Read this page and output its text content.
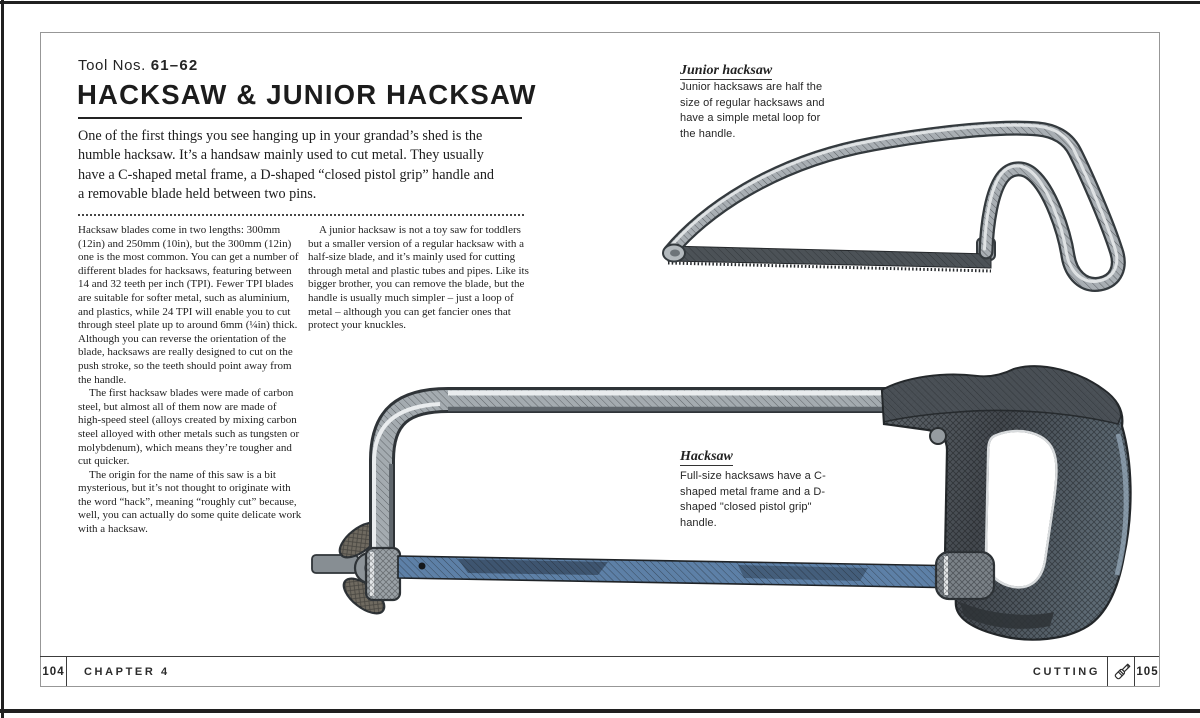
Tool Nos. 61–62
HACKSAW & JUNIOR HACKSAW
One of the first things you see hanging up in your grandad’s shed is the
humble hacksaw. It’s a handsaw mainly used to cut metal. They usually
have a C-shaped metal frame, a D-shaped “closed pistol grip” handle and
a removable blade held between two pins.

Hacksaw blades come in two lengths: 300mm (12in) and 250mm (10in), but the 300mm (12in) one is the most common. You can get a number of different blades for hacksaws, featuring between 14 and 32 teeth per inch (TPI). Fewer TPI blades are suitable for softer metal, such as aluminium, and plastics, while 24 TPI will enable you to cut through steel plate up to around 6mm (¼in) thick. Although you can reverse the orientation of the blade, hacksaws are really designed to cut on the push stroke, so the teeth should point away from the handle.

The first hacksaw blades were made of carbon steel, but almost all of them now are made of high-speed steel (alloys created by mixing carbon steel alloyed with other metals such as tungsten or molybdenum), which means they’re tougher and cut quicker.

The origin for the name of this saw is a bit mysterious, but it’s not thought to originate with the word “hack”, meaning “roughly cut” because, well, you can actually do some quite delicate work with a hacksaw.

A junior hacksaw is not a toy saw for toddlers but a smaller version of a regular hacksaw with a half-size blade, and it’s mainly used for cutting through metal and plastic tubes and pipes. Like its bigger brother, you can remove the blade, but the handle is usually much simpler – just a loop of metal – although you can get fancier ones that protect your knuckles.

Junior hacksaw
Junior hacksaws are half the size of regular hacksaws and have a simple metal loop for the handle.
Hacksaw
Full-size hacksaws have a C-shaped metal frame and a D-shaped "closed pistol grip" handle.
104 CHAPTER 4	CUTTING	105
